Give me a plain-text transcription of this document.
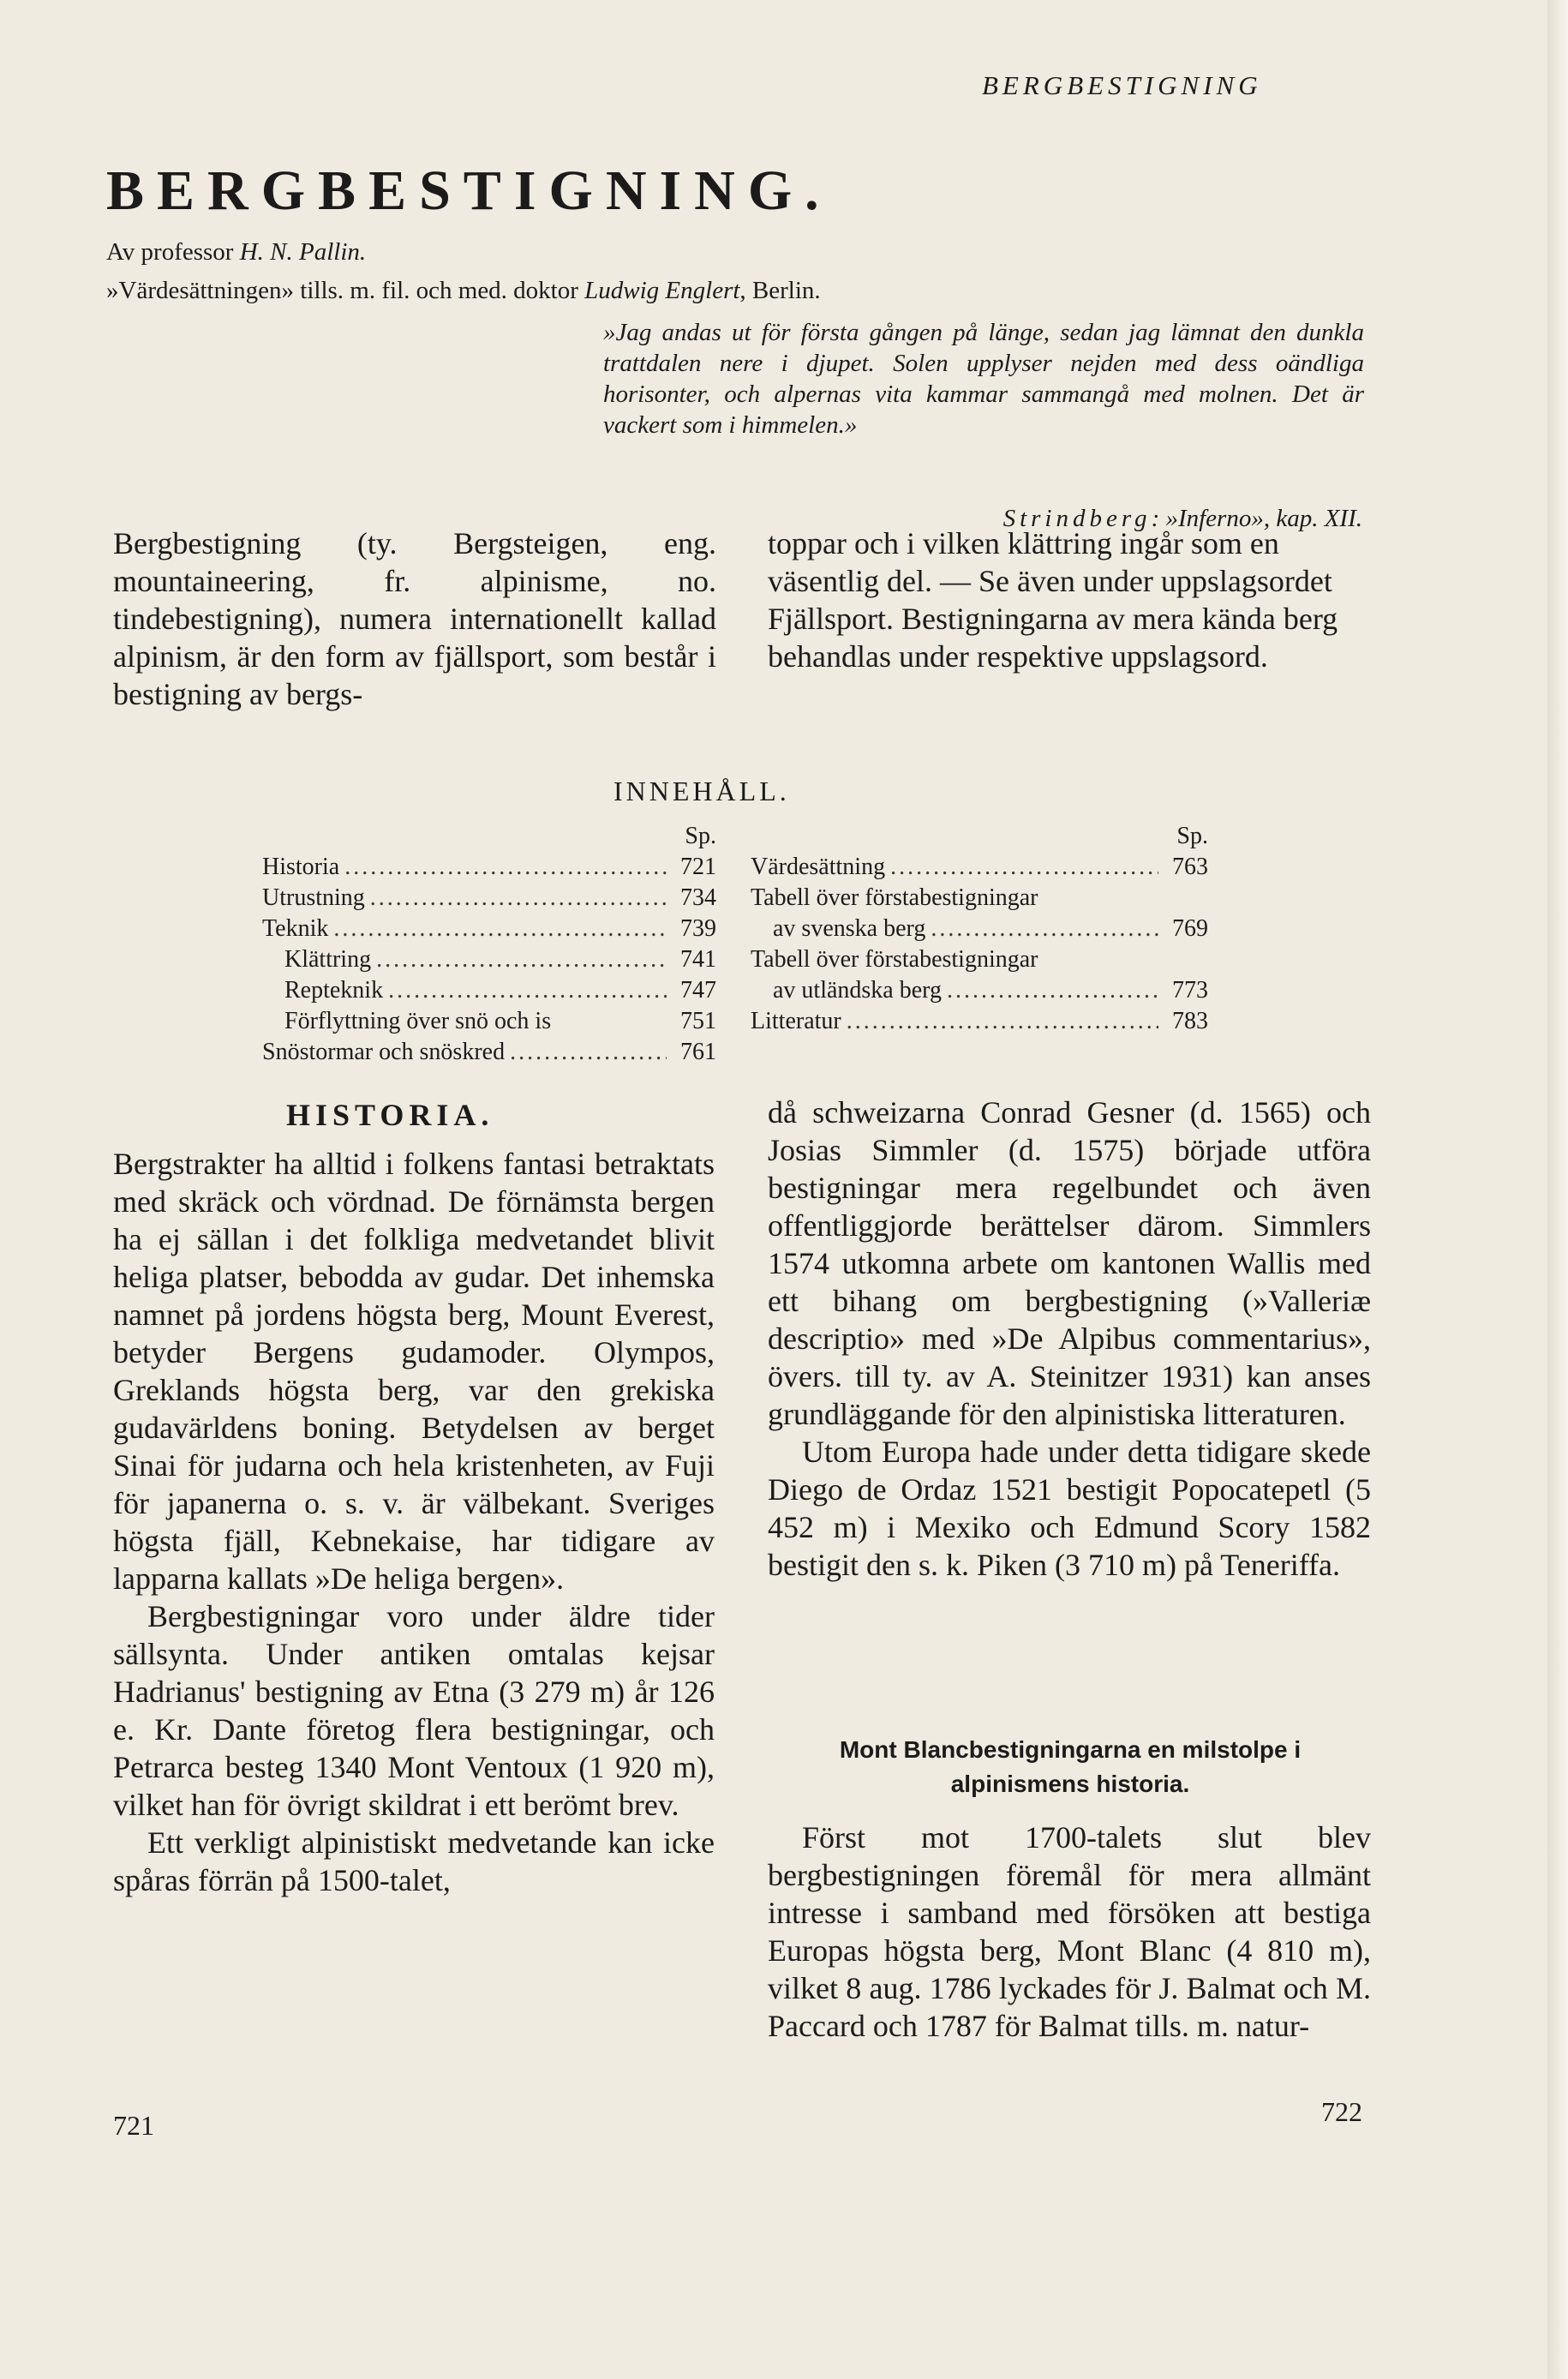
BERGBESTIGNING
BERGBESTIGNING.
Av professor H. N. Pallin.
»Värdesättningen» tills. m. fil. och med. doktor Ludwig Englert, Berlin.
»Jag andas ut för första gången på länge, sedan jag lämnat den dunkla trattdalen nere i djupet. Solen upplyser nejden med dess oändliga horisonter, och alpernas vita kammar sammangå med molnen. Det är vackert som i himmelen.»
Strindberg: »Inferno», kap. XII.

Bergbestigning (ty. Bergsteigen, eng. mountaineering, fr. alpinisme, no. tindebestigning), numera internationellt kallad alpinism, är den form av fjällsport, som består i bestigning av bergs-

toppar och i vilken klättring ingår som en väsentlig del. — Se även under uppslagsordet Fjällsport. Bestigningarna av mera kända berg behandlas under respektive uppslagsord.

INNEHÅLL.
Sp.
Historia .....	721
Utrustning .....	734
Teknik .....	739
Klättring .....	741
Repteknik .....	747
Förflyttning över snö och is	751
Snöstormar och snöskred .....	761
Sp.
Värdesättning .....	763
Tabell över förstabestigningar
av svenska berg .....	769
Tabell över förstabestigningar
av utländska berg .....	773
Litteratur .....	783
HISTORIA.

Bergstrakter ha alltid i folkens fantasi betraktats med skräck och vördnad. De förnämsta bergen ha ej sällan i det folkliga medvetandet blivit heliga platser, bebodda av gudar. Det inhemska namnet på jordens högsta berg, Mount Everest, betyder Bergens gudamoder. Olympos, Greklands högsta berg, var den grekiska gudavärldens boning. Betydelsen av berget Sinai för judarna och hela kristenheten, av Fuji för japanerna o. s. v. är välbekant. Sveriges högsta fjäll, Kebnekaise, har tidigare av lapparna kallats »De heliga bergen».

Bergbestigningar voro under äldre tider sällsynta. Under antiken omtalas kejsar Hadrianus' bestigning av Etna (3 279 m) år 126 e. Kr. Dante företog flera bestigningar, och Petrarca besteg 1340 Mont Ventoux (1 920 m), vilket han för övrigt skildrat i ett berömt brev.

Ett verkligt alpinistiskt medvetande kan icke spåras förrän på 1500-talet,

då schweizarna Conrad Gesner (d. 1565) och Josias Simmler (d. 1575) började utföra bestigningar mera regelbundet och även offentliggjorde berättelser därom. Simmlers 1574 utkomna arbete om kantonen Wallis med ett bihang om bergbestigning (»Valleriæ descriptio» med »De Alpibus commentarius», övers. till ty. av A. Steinitzer 1931) kan anses grundläggande för den alpinistiska litteraturen.

Utom Europa hade under detta tidigare skede Diego de Ordaz 1521 bestigit Popocatepetl (5 452 m) i Mexiko och Edmund Scory 1582 bestigit den s. k. Piken (3 710 m) på Teneriffa.

Mont Blancbestigningarna en milstolpe i alpinismens historia.

Först mot 1700-talets slut blev bergbestigningen föremål för mera allmänt intresse i samband med försöken att bestiga Europas högsta berg, Mont Blanc (4 810 m), vilket 8 aug. 1786 lyckades för J. Balmat och M. Paccard och 1787 för Balmat tills. m. natur-

721	722
